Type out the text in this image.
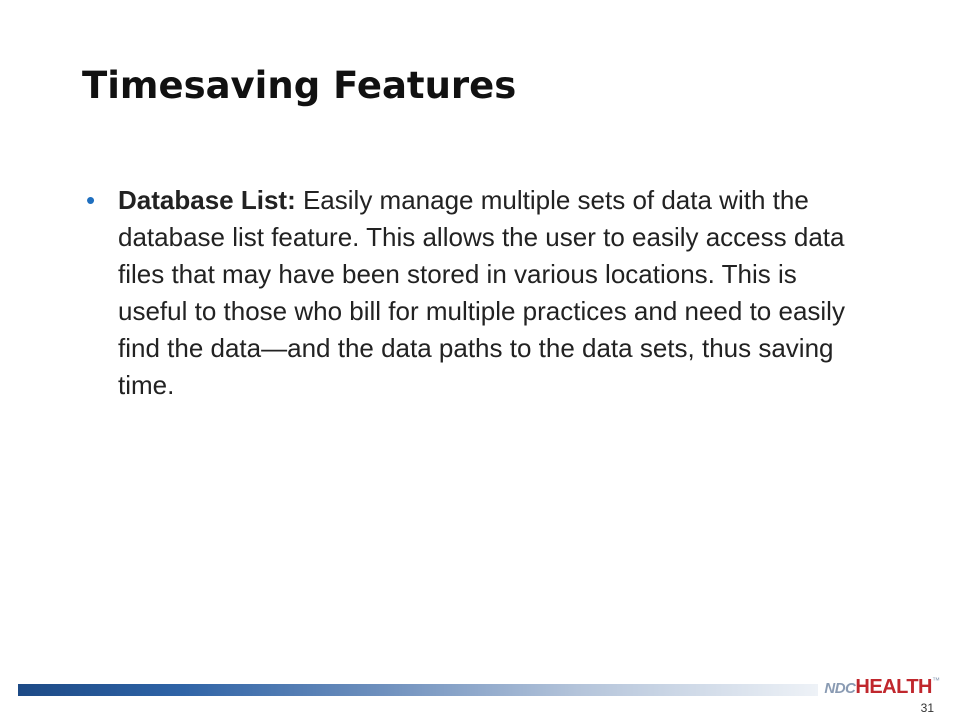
Timesaving Features
• Database List: Easily manage multiple sets of data with the database list feature. This allows the user to easily access data files that may have been stored in various locations. This is useful to those who bill for multiple practices and need to easily find the data—and the data paths to the data sets, thus saving time.
NDCHEALTH™
31
